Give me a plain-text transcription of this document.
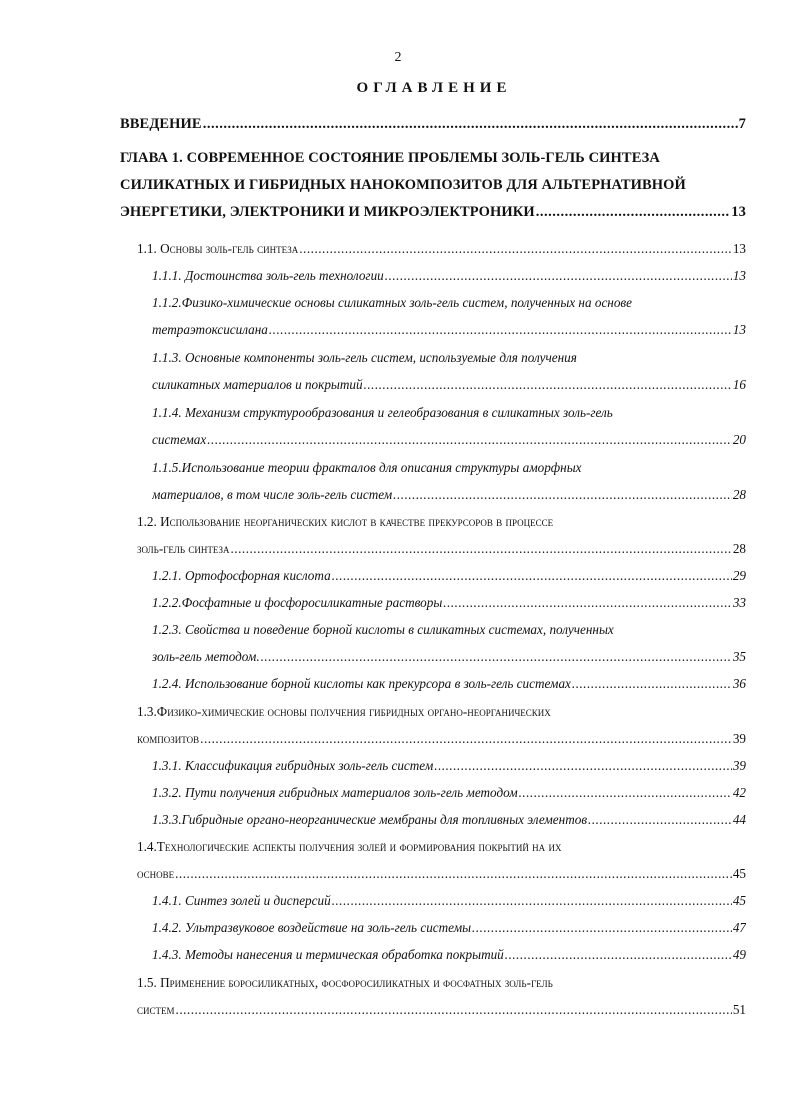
2
ОГЛАВЛЕНИЕ
ВВЕДЕНИЕ .....	7
ГЛАВА 1. СОВРЕМЕННОЕ СОСТОЯНИЕ ПРОБЛЕМЫ ЗОЛЬ-ГЕЛЬ СИНТЕЗА
СИЛИКАТНЫХ И ГИБРИДНЫХ НАНОКОМПОЗИТОВ ДЛЯ АЛЬТЕРНАТИВНОЙ
ЭНЕРГЕТИКИ, ЭЛЕКТРОНИКИ И МИКРОЭЛЕКТРОНИКИ .....	13
1.1. Основы золь-гель синтеза .....	13
1.1.1. Достоинства золь-гель технологии .....	13
1.1.2.Физико-химические основы силикатных золь-гель систем, полученных на основе
тетраэтоксисилана .....	13
1.1.3. Основные компоненты золь-гель систем, используемые для получения
силикатных материалов и покрытий .....	16
1.1.4. Механизм структурообразования и гелеобразования в силикатных золь-гель
системах .....	20
1.1.5.Использование теории фракталов для описания структуры аморфных
материалов, в том числе золь-гель систем .....	28
1.2. Использование неорганических кислот в качестве прекурсоров в процессе
золь-гель синтеза .....	28
1.2.1. Ортофосфорная кислота .....	29
1.2.2.Фосфатные и фосфоросиликатные растворы .....	33
1.2.3. Свойства и поведение борной кислоты в силикатных системах, полученных
золь-гель методом. .....	35
1.2.4. Использование борной кислоты как прекурсора в золь-гель системах .....	36
1.3.Физико-химические основы получения гибридных органо-неорганических
композитов .....	39
1.3.1. Классификация гибридных золь-гель систем .....	39
1.3.2. Пути получения гибридных материалов золь-гель методом .....	42
1.3.3.Гибридные органо-неорганические мембраны для топливных элементов .....	44
1.4.Технологические аспекты получения золей и формирования покрытий на их
основе .....	45
1.4.1. Синтез золей и дисперсий .....	45
1.4.2. Ультразвуковое воздействие на золь-гель системы .....	47
1.4.3. Методы нанесения и термическая обработка покрытий .....	49
1.5. Применение боросиликатных, фосфоросиликатных и фосфатных золь-гель
систем .....	51
